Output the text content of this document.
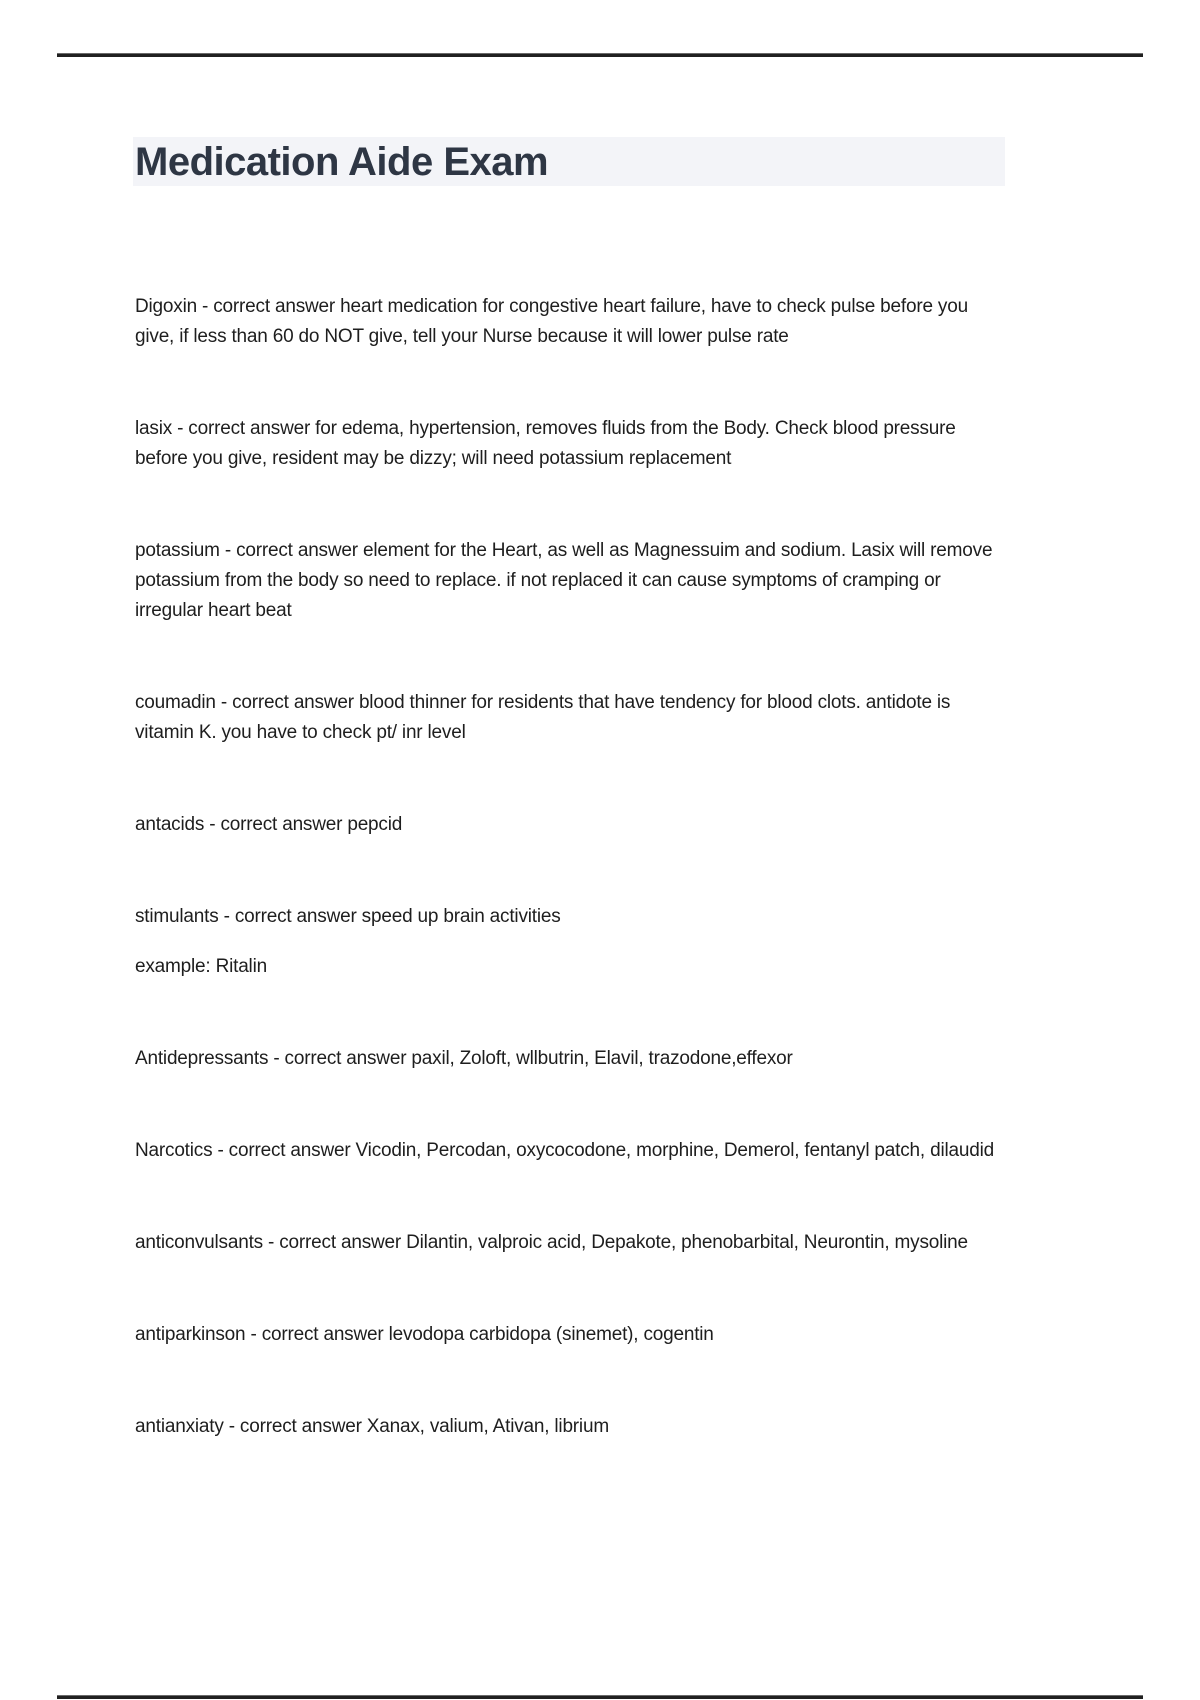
Medication Aide Exam

Digoxin - correct answer heart medication for congestive heart failure, have to check pulse before you
give, if less than 60 do NOT give, tell your Nurse because it will lower pulse rate

lasix - correct answer for edema, hypertension, removes fluids from the Body. Check blood pressure
before you give, resident may be dizzy; will need potassium replacement

potassium - correct answer element for the Heart, as well as Magnessuim and sodium. Lasix will remove
potassium from the body so need to replace. if not replaced it can cause symptoms of cramping or
irregular heart beat

coumadin - correct answer blood thinner for residents that have tendency for blood clots. antidote is
vitamin K. you have to check pt/ inr level

antacids - correct answer pepcid

stimulants - correct answer speed up brain activities

example: Ritalin

Antidepressants - correct answer paxil, Zoloft, wllbutrin, Elavil, trazodone,effexor

Narcotics - correct answer Vicodin, Percodan, oxycocodone, morphine, Demerol, fentanyl patch, dilaudid

anticonvulsants - correct answer Dilantin, valproic acid, Depakote, phenobarbital, Neurontin, mysoline

antiparkinson - correct answer levodopa carbidopa (sinemet), cogentin

antianxiaty - correct answer Xanax, valium, Ativan, librium
